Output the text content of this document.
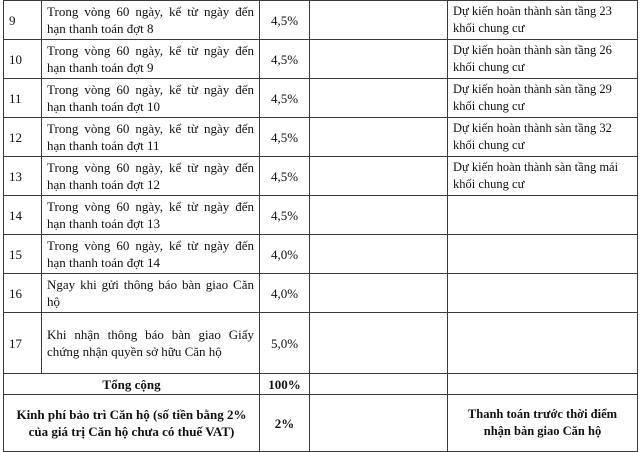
9	Trong vòng 60 ngày, kể từ ngày đến hạn thanh toán đợt 8	4,5%		Dự kiến hoàn thành sàn tầng 23 khối chung cư
10	Trong vòng 60 ngày, kể từ ngày đến hạn thanh toán đợt 9	4,5%		Dự kiến hoàn thành sàn tầng 26 khối chung cư
11	Trong vòng 60 ngày, kể từ ngày đến hạn thanh toán đợt 10	4,5%		Dự kiến hoàn thành sàn tầng 29 khối chung cư
12	Trong vòng 60 ngày, kể từ ngày đến hạn thanh toán đợt 11	4,5%		Dự kiến hoàn thành sàn tầng 32 khối chung cư
13	Trong vòng 60 ngày, kể từ ngày đến hạn thanh toán đợt 12	4,5%		Dự kiến hoàn thành sàn tầng mái khối chung cư
14	Trong vòng 60 ngày, kể từ ngày đến hạn thanh toán đợt 13	4,5%		
15	Trong vòng 60 ngày, kể từ ngày đến hạn thanh toán đợt 14	4,0%		
16	Ngay khi gửi thông báo bàn giao Căn hộ	4,0%		
17	Khi nhận thông báo bàn giao Giấy chứng nhận quyền sở hữu Căn hộ	5,0%		
Tổng cộng		100%		
Kinh phí bảo trì Căn hộ (số tiền bằng 2% của giá trị Căn hộ chưa có thuế VAT)		2%		Thanh toán trước thời điểm nhận bàn giao Căn hộ
